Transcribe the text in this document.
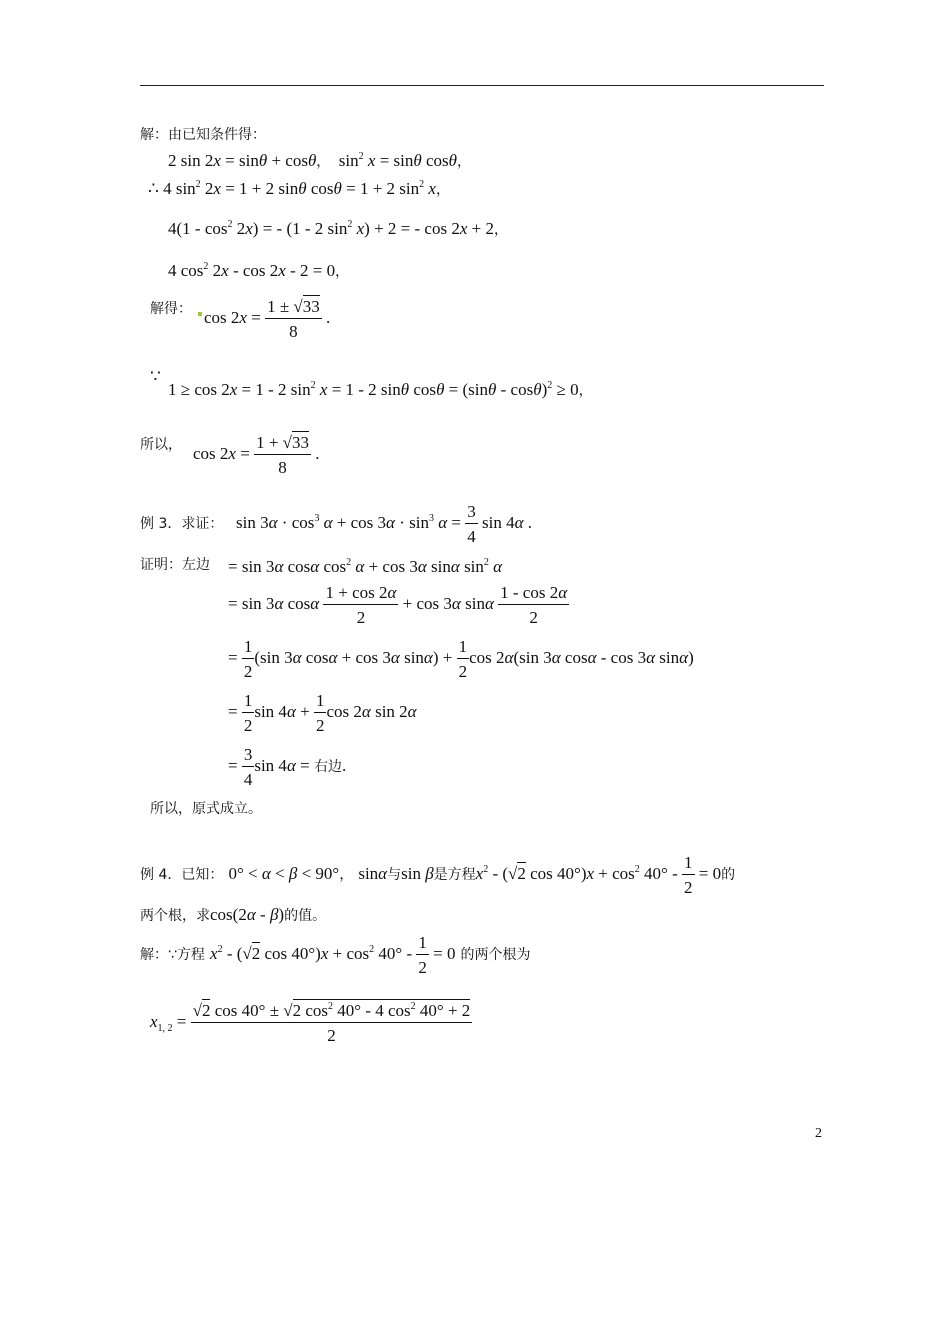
解：由已知条件得：
2 sin 2x = sinθ + cosθ，  $\sin^2 x = \sin\theta$ cosθ，
∴ 4 $\sin^2 2x = 1 + 2$ sinθ cosθ = 1 + 2 $\sin^2 x$，
$4(1 - \cos^2 2x)$ = - (1 - 2 $\sin^2 x) + 2$ = - cos 2x + 2，
4 $\cos^2 2x - \cos 2x - 2 = 0$，
解得： $\cos 2x = \frac{1 \pm √33}{8}$ .
∵
1 ≥ cos 2x = 1 - 2 $\sin^2 x = 1 - 2$ sinθ cosθ = (sinθ - cosθ)$^2$ ≥ 0，
所以， $\cos 2x = \frac{1 + √33}{8}$ .
例 3．求证： $\sin 3\alpha \cdot \cos^3 \alpha + \cos 3\alpha \cdot \sin^3 \alpha = \frac{3}{4}$ sin 4α .
证明：左边 = sin 3α cosα $\cos^2 \alpha + \cos 3\alpha$ sinα $\sin^2 \alpha$
= sin 3α cosα $\frac{1 + \cos 2\alpha}{2} + \cos 3\alpha$ sinα $\frac{1 - \cos 2\alpha}{2}$
= $\frac{1}{2} (\sin$ 3α cosα + cos 3α $\sin\alpha) + \frac{1}{2}$ cos 2α(sin 3α cosα - cos 3α sinα)
= $\frac{1}{2}$ $\sin 4\alpha + \frac{1}{2}$ cos 2α sin 2α
= $\frac{3}{4}$ sin 4α = 右边.
所以，原式成立。
例 4．已知： 0° < α < β < 90°， sinα与sin β是方程$x^2 - (√2$ $\cos 40^\circ)x + \cos^2 40^\circ - \frac{1}{2} = 0$的
两个根，求cos(2α - β)的值。
解：∵方程 $x^2 - (√2$ $\cos 40^\circ)x + \cos^2 40^\circ - \frac{1}{2} = 0$ 的两个根为
$x_{1, 2} = \frac{√2 \cos 40^\circ \pm √2 \cos^2 40^\circ - 4 \cos^2 40^\circ + 2}{2}$
2
